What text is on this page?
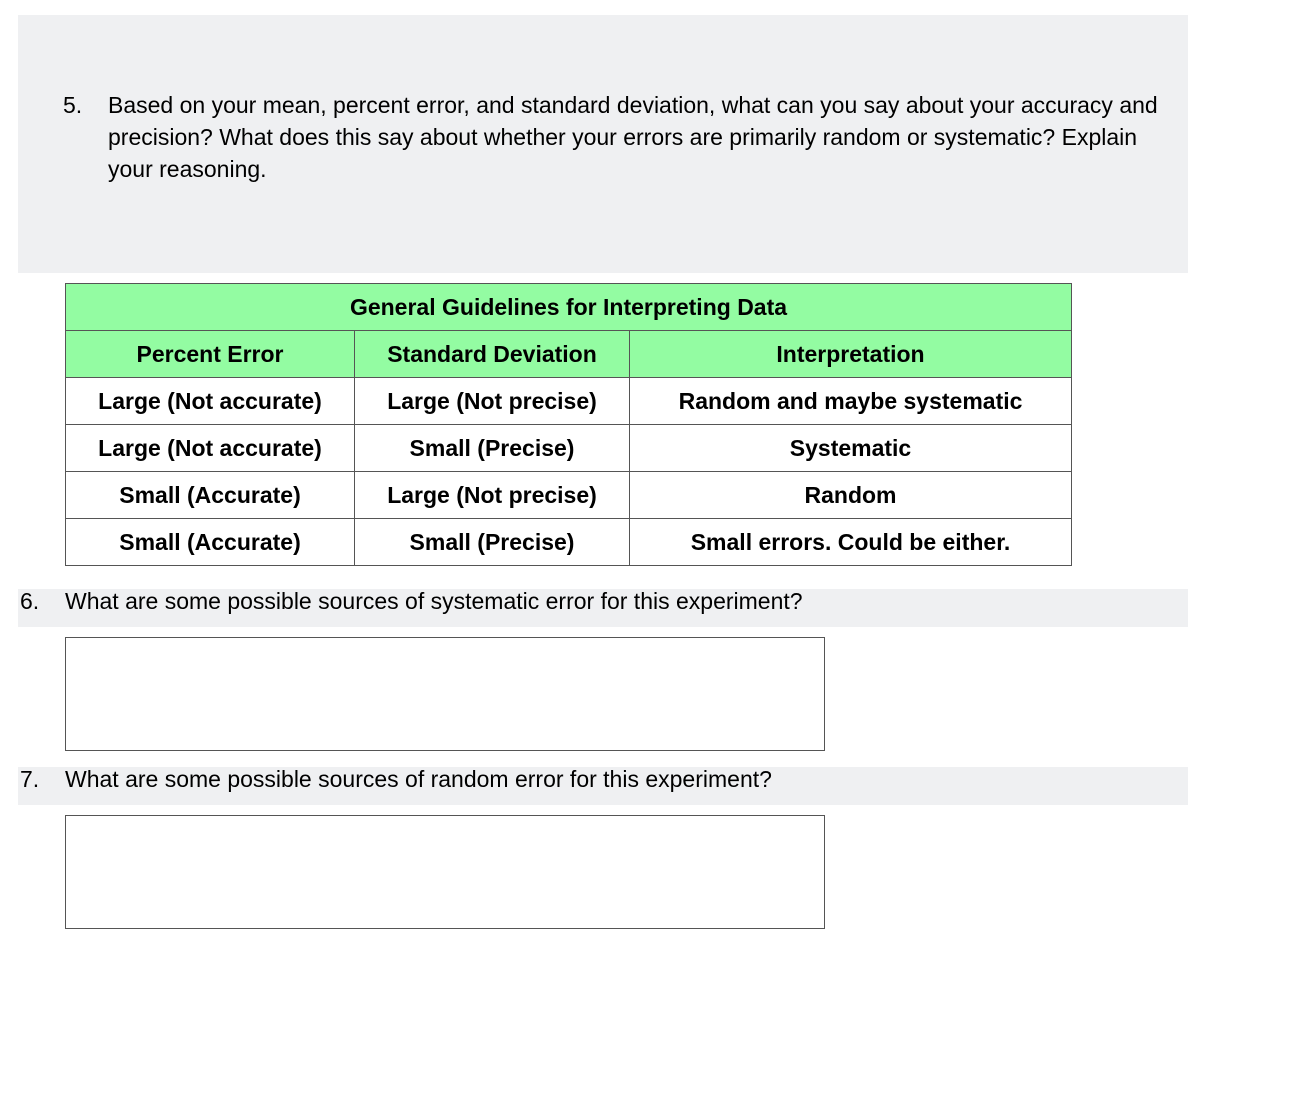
5. Based on your mean, percent error, and standard deviation, what can you say about your accuracy and precision? What does this say about whether your errors are primarily random or systematic? Explain your reasoning.
General Guidelines for Interpreting Data		
Percent Error	Standard Deviation	Interpretation
Large (Not accurate)	Large (Not precise)	Random and maybe systematic
Large (Not accurate)	Small (Precise)	Systematic
Small (Accurate)	Large (Not precise)	Random
Small (Accurate)	Small (Precise)	Small errors. Could be either.
6. What are some possible sources of systematic error for this experiment?
7. What are some possible sources of random error for this experiment?
